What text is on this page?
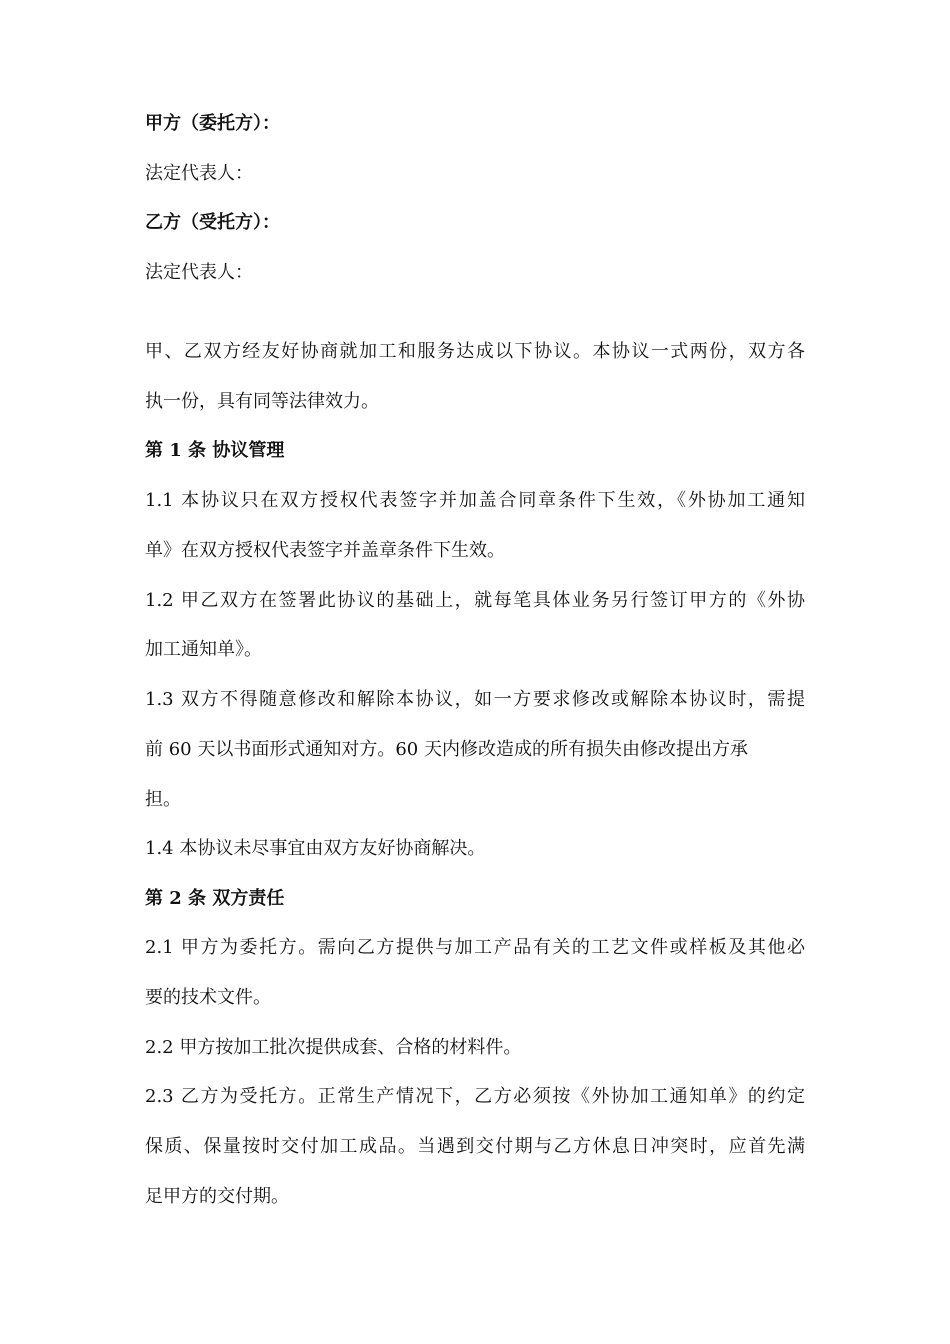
甲方（委托方）：
法定代表人：
乙方（受托方）：
法定代表人：
甲、乙双方经友好协商就加工和服务达成以下协议。本协议一式两份，双方各
执一份，具有同等法律效力。
第 1 条 协议管理
1.1 本协议只在双方授权代表签字并加盖合同章条件下生效，《外协加工通知
单》在双方授权代表签字并盖章条件下生效。
1.2 甲乙双方在签署此协议的基础上，就每笔具体业务另行签订甲方的《外协
加工通知单》。
1.3 双方不得随意修改和解除本协议，如一方要求修改或解除本协议时，需提
前 60 天以书面形式通知对方。60 天内修改造成的所有损失由修改提出方承
担。
1.4 本协议未尽事宜由双方友好协商解决。
第 2 条 双方责任
2.1 甲方为委托方。需向乙方提供与加工产品有关的工艺文件或样板及其他必
要的技术文件。
2.2 甲方按加工批次提供成套、合格的材料件。
2.3 乙方为受托方。正常生产情况下，乙方必须按《外协加工通知单》的约定
保质、保量按时交付加工成品。当遇到交付期与乙方休息日冲突时，应首先满
足甲方的交付期。
